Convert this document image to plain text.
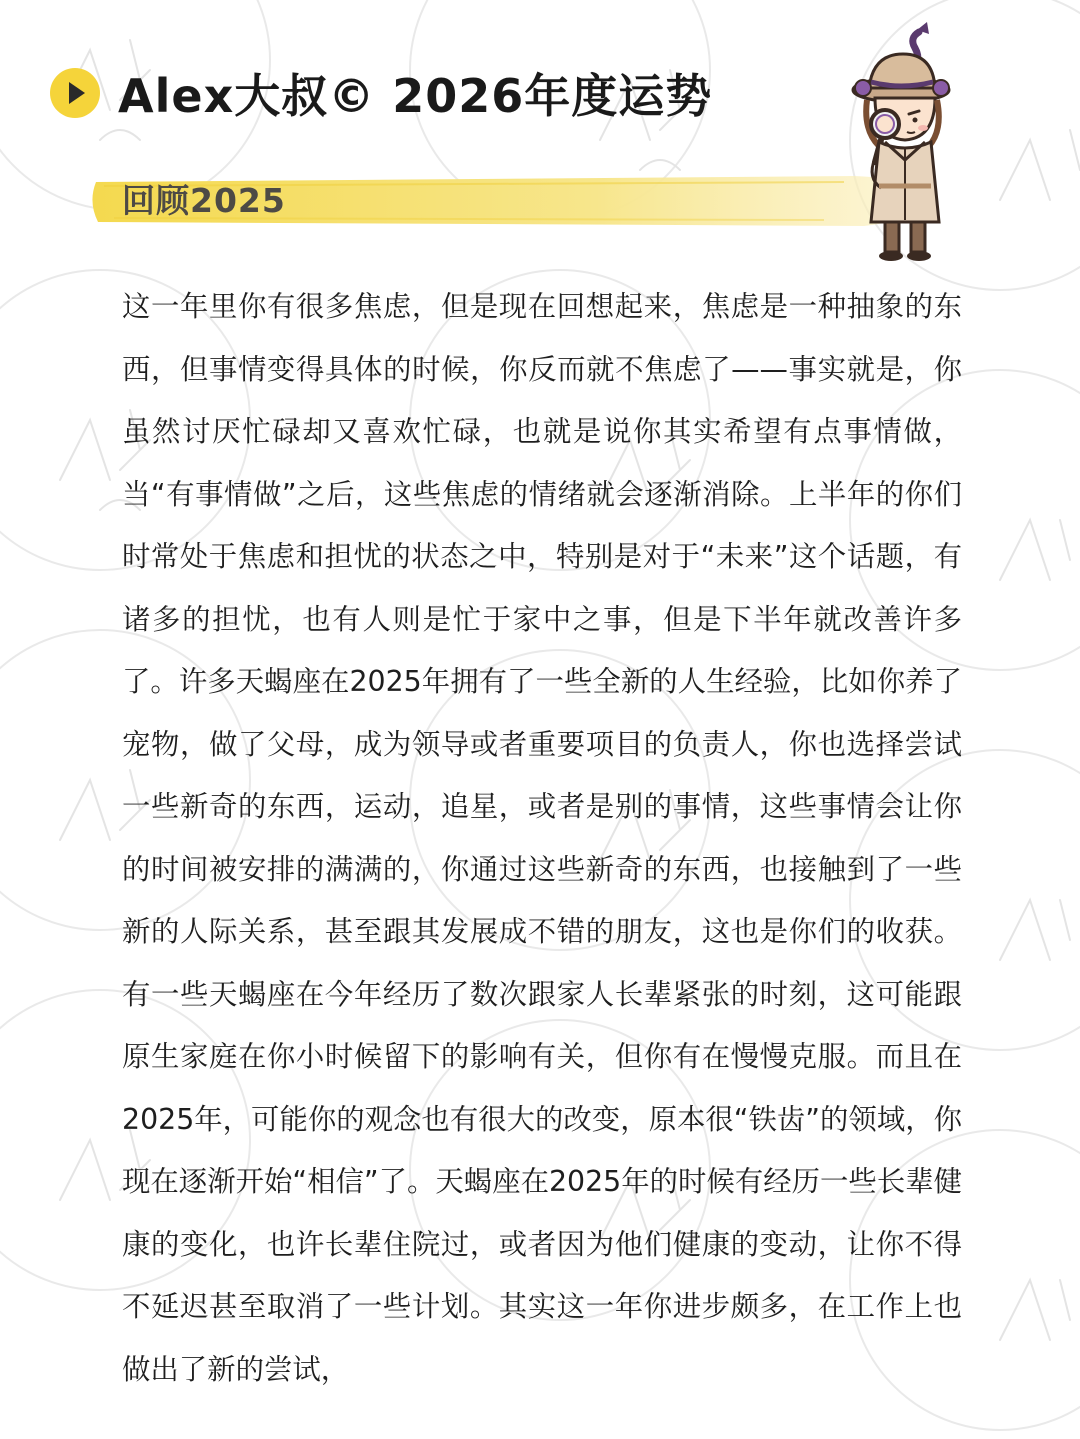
Alex大叔© 2026年度运势
回顾2025
这一年里你有很多焦虑，但是现在回想起来，焦虑是一种抽象的东西，但事情变得具体的时候，你反而就不焦虑了——事实就是，你虽然讨厌忙碌却又喜欢忙碌，也就是说你其实希望有点事情做，当“有事情做”之后，这些焦虑的情绪就会逐渐消除。上半年的你们时常处于焦虑和担忧的状态之中，特别是对于“未来”这个话题，有诸多的担忧，也有人则是忙于家中之事，但是下半年就改善许多了。许多天蝎座在2025年拥有了一些全新的人生经验，比如你养了宠物，做了父母，成为领导或者重要项目的负责人，你也选择尝试一些新奇的东西，运动，追星，或者是别的事情，这些事情会让你的时间被安排的满满的，你通过这些新奇的东西，也接触到了一些新的人际关系，甚至跟其发展成不错的朋友，这也是你们的收获。有一些天蝎座在今年经历了数次跟家人长辈紧张的时刻，这可能跟原生家庭在你小时候留下的影响有关，但你有在慢慢克服。而且在2025年，可能你的观念也有很大的改变，原本很“铁齿”的领域，你现在逐渐开始“相信”了。天蝎座在2025年的时候有经历一些长辈健康的变化，也许长辈住院过，或者因为他们健康的变动，让你不得不延迟甚至取消了一些计划。其实这一年你进步颇多，在工作上也做出了新的尝试，
